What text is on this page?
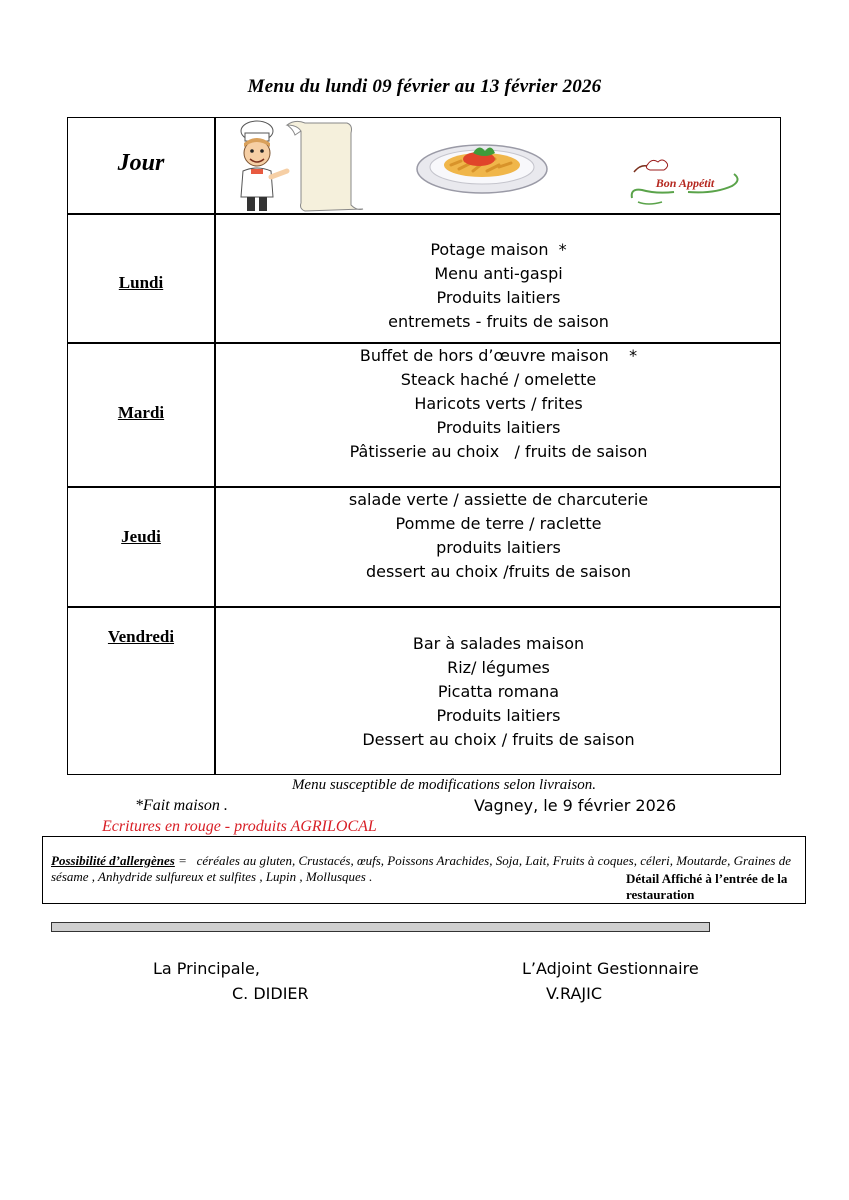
Menu du lundi 09 février au 13 février 2026
Jour
Bon Appétit
Lundi
Mardi
Jeudi
Vendredi
Potage maison  *
Menu anti-gaspi
Produits laitiers
entremets - fruits de saison
Buffet de hors d’œuvre maison    *
Steack haché / omelette
Haricots verts / frites
Produits laitiers
Pâtisserie au choix   / fruits de saison
salade verte / assiette de charcuterie
Pomme de terre / raclette
produits laitiers
dessert au choix /fruits de saison
Bar à salades maison
Riz/ légumes
Picatta romana
Produits laitiers
Dessert au choix / fruits de saison
Menu susceptible de modifications selon livraison.
*Fait maison .	Vagney, le 9 février 2026
Ecritures en rouge - produits AGRILOCAL
Possibilité d’allergènes =   céréales au gluten, Crustacés, œufs, Poissons Arachides, Soja, Lait, Fruits à coques, céleri, Moutarde, Graines de sésame , Anhydride sulfureux et sulfites , Lupin , Mollusques .	Détail Affiché à l’entrée de la restauration
La Principale,
C. DIDIER
L’Adjoint Gestionnaire
V.RAJIC
